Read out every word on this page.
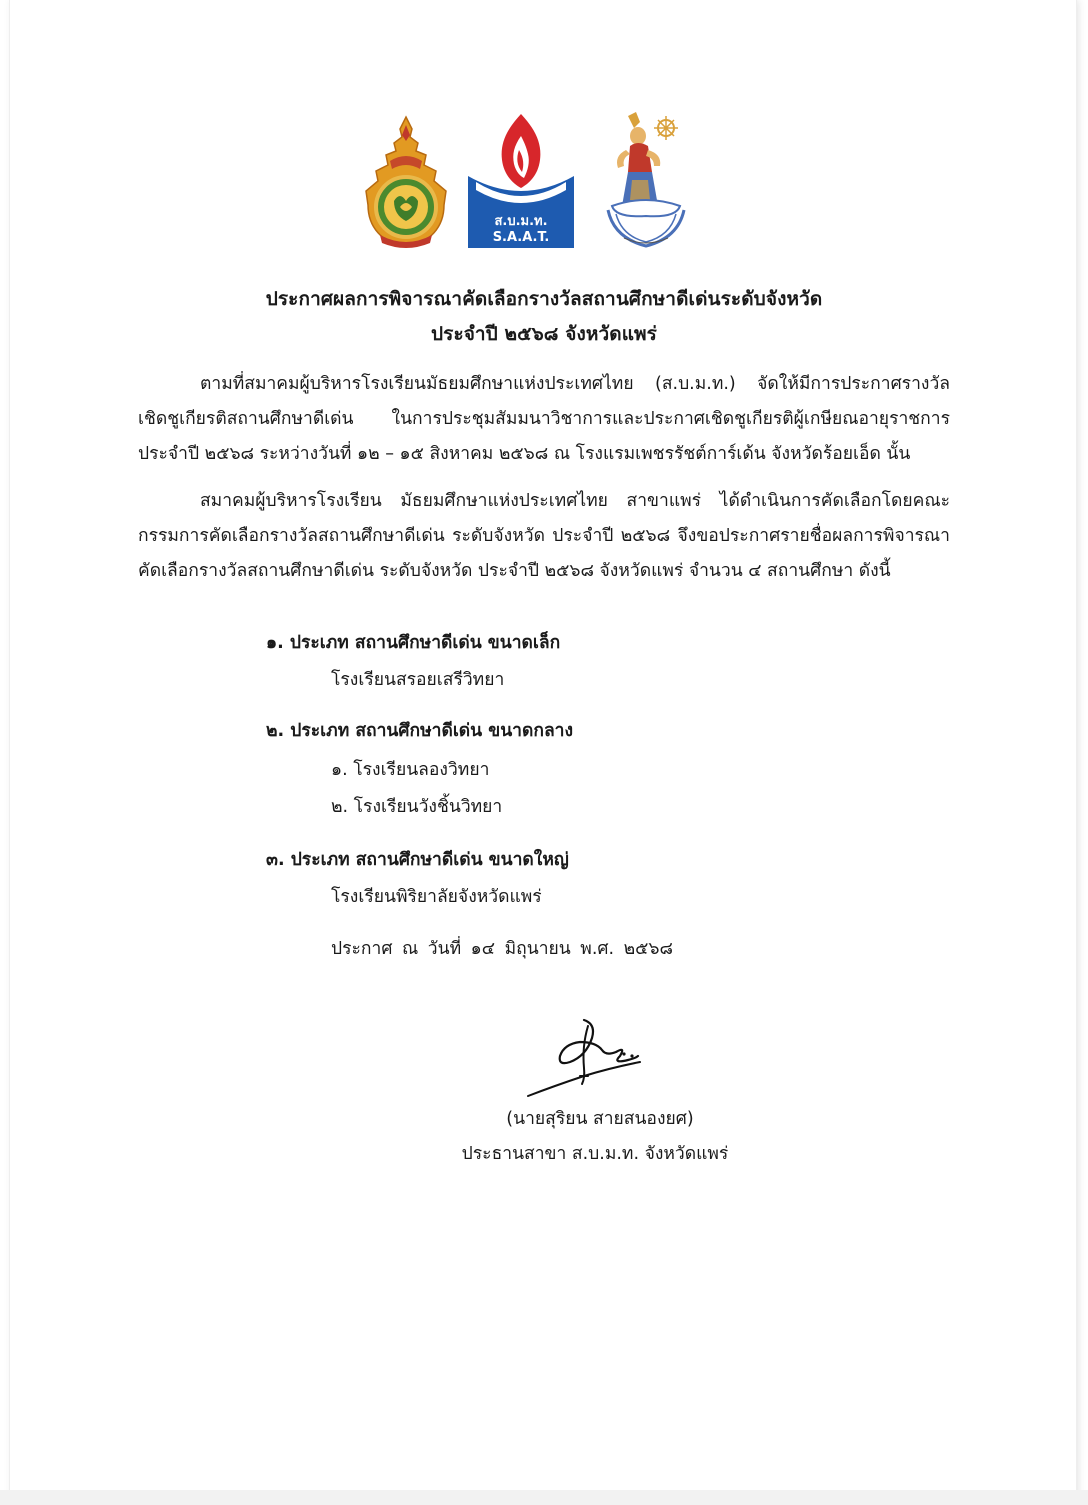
ส.บ.ม.ท.
S.A.A.T.
ประกาศผลการพิจารณาคัดเลือกรางวัลสถานศึกษาดีเด่นระดับจังหวัด
ประจำปี ๒๕๖๘ จังหวัดแพร่
ตามที่สมาคมผู้บริหารโรงเรียนมัธยมศึกษาแห่งประเทศไทย (ส.บ.ม.ท.) จัดให้มีการประกาศรางวัลเชิดชูเกียรติสถานศึกษาดีเด่น ในการประชุมสัมมนาวิชาการและประกาศเชิดชูเกียรติผู้เกษียณอายุราชการ ประจำปี ๒๕๖๘ ระหว่างวันที่ ๑๒ – ๑๕ สิงหาคม ๒๕๖๘ ณ โรงแรมเพชรรัชต์การ์เด้น จังหวัดร้อยเอ็ด นั้น
สมาคมผู้บริหารโรงเรียน มัธยมศึกษาแห่งประเทศไทย สาขาแพร่ ได้ดำเนินการคัดเลือกโดยคณะกรรมการคัดเลือกรางวัลสถานศึกษาดีเด่น ระดับจังหวัด ประจำปี ๒๕๖๘ จึงขอประกาศรายชื่อผลการพิจารณาคัดเลือกรางวัลสถานศึกษาดีเด่น ระดับจังหวัด ประจำปี ๒๕๖๘ จังหวัดแพร่ จำนวน ๔ สถานศึกษา ดังนี้
๑. ประเภท สถานศึกษาดีเด่น ขนาดเล็ก
โรงเรียนสรอยเสรีวิทยา
๒. ประเภท สถานศึกษาดีเด่น ขนาดกลาง
๑. โรงเรียนลองวิทยา
๒. โรงเรียนวังชิ้นวิทยา
๓. ประเภท สถานศึกษาดีเด่น ขนาดใหญ่
โรงเรียนพิริยาลัยจังหวัดแพร่
ประกาศ ณ วันที่ ๑๔ มิถุนายน พ.ศ. ๒๕๖๘
(นายสุริยน สายสนองยศ)
ประธานสาขา ส.บ.ม.ท. จังหวัดแพร่
